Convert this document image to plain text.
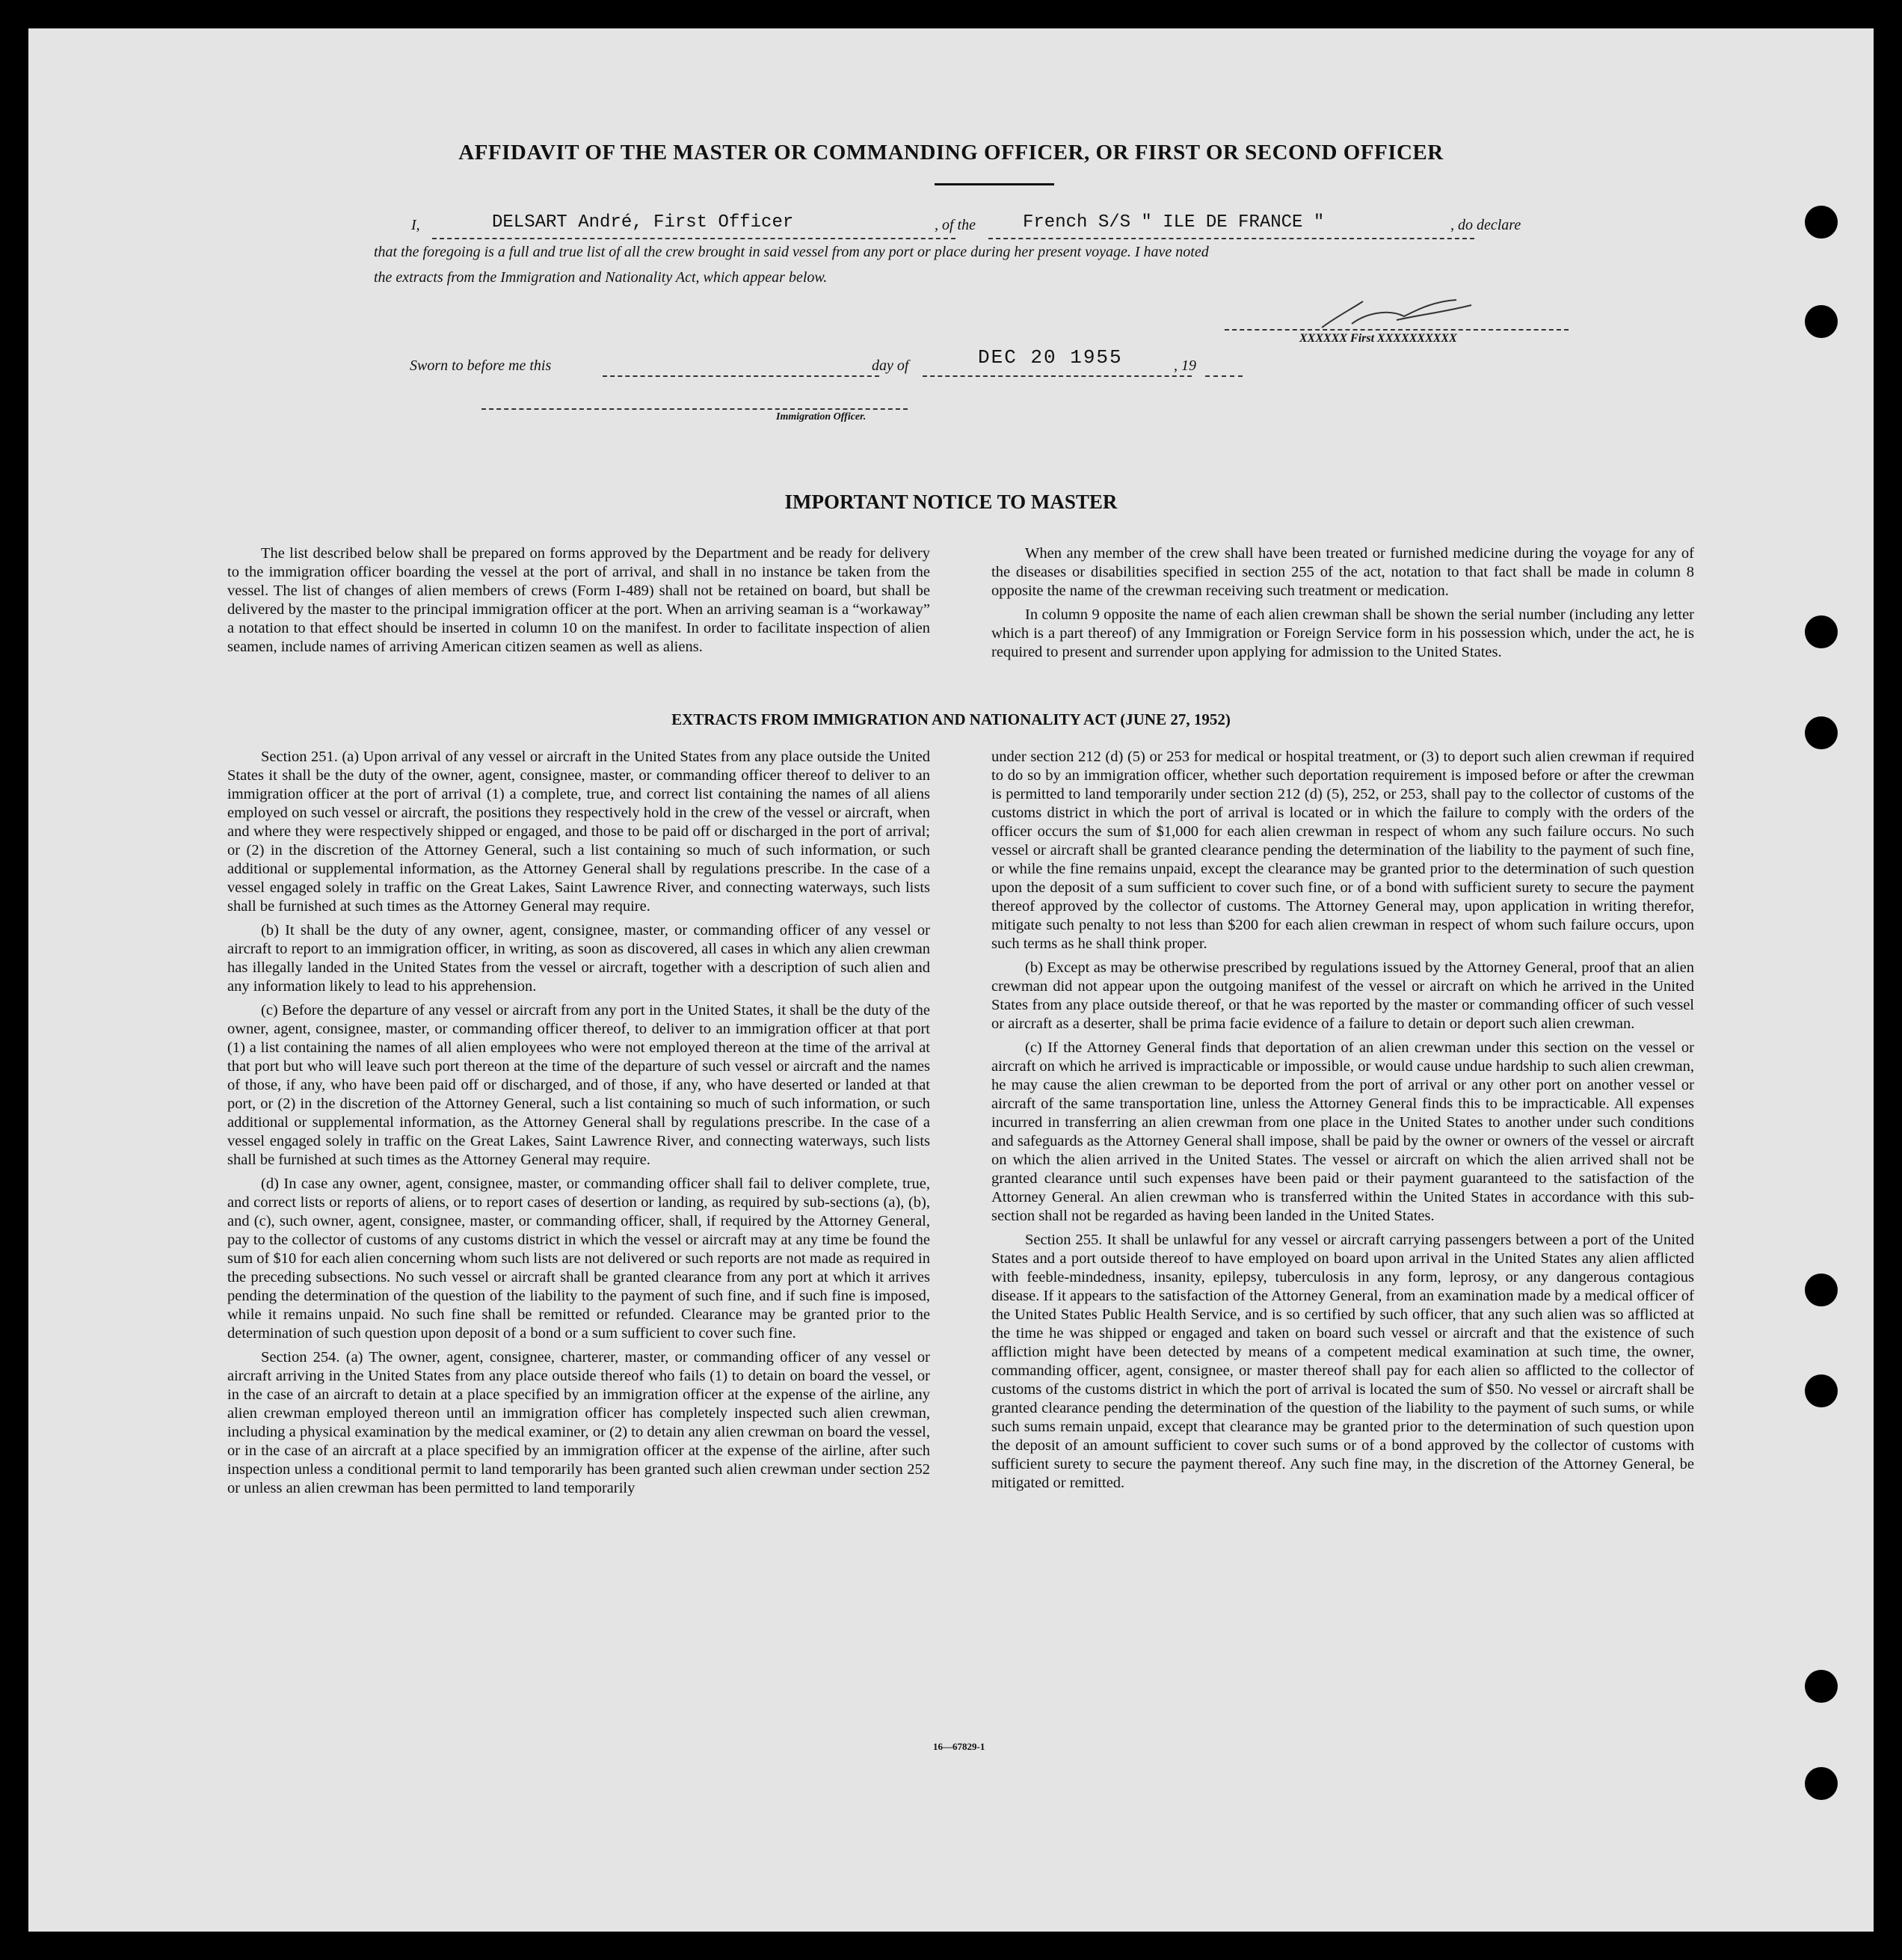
AFFIDAVIT OF THE MASTER OR COMMANDING OFFICER, OR FIRST OR SECOND OFFICER
I,	DELSART André, First Officer	, of the	French S/S " ILE DE FRANCE "	, do declare
that the foregoing is a full and true list of all the crew brought in said vessel from any port or place during her present voyage. I have noted
the extracts from the Immigration and Nationality Act, which appear below.
XXXXXX First XXXXXXXXXX
Sworn to before me this	day of	DEC 20 1955	, 19
Immigration Officer.
IMPORTANT NOTICE TO MASTER

The list described below shall be prepared on forms approved by the Department and be ready for delivery to the immigration officer boarding the vessel at the port of arrival, and shall in no instance be taken from the vessel. The list of changes of alien members of crews (Form I-489) shall not be retained on board, but shall be delivered by the master to the principal immigration officer at the port. When an arriving seaman is a “workaway” a notation to that effect should be inserted in column 10 on the manifest. In order to facilitate inspection of alien seamen, include names of arriving American citizen seamen as well as aliens.

When any member of the crew shall have been treated or furnished medicine during the voyage for any of the diseases or disabilities specified in section 255 of the act, notation to that fact shall be made in column 8 opposite the name of the crewman receiving such treatment or medication.

In column 9 opposite the name of each alien crewman shall be shown the serial number (including any letter which is a part thereof) of any Immigration or Foreign Service form in his possession which, under the act, he is required to present and surrender upon applying for admission to the United States.

EXTRACTS FROM IMMIGRATION AND NATIONALITY ACT (JUNE 27, 1952)

Section 251. (a) Upon arrival of any vessel or aircraft in the United States from any place outside the United States it shall be the duty of the owner, agent, consignee, master, or commanding officer thereof to deliver to an immigration officer at the port of arrival (1) a complete, true, and correct list containing the names of all aliens employed on such vessel or aircraft, the positions they respectively hold in the crew of the vessel or aircraft, when and where they were respectively shipped or engaged, and those to be paid off or discharged in the port of arrival; or (2) in the discretion of the Attorney General, such a list containing so much of such information, or such additional or supplemental information, as the Attorney General shall by regulations prescribe. In the case of a vessel engaged solely in traffic on the Great Lakes, Saint Lawrence River, and connecting waterways, such lists shall be furnished at such times as the Attorney General may require.

(b) It shall be the duty of any owner, agent, consignee, master, or commanding officer of any vessel or aircraft to report to an immigration officer, in writing, as soon as discovered, all cases in which any alien crewman has illegally landed in the United States from the vessel or aircraft, together with a description of such alien and any information likely to lead to his apprehension.

(c) Before the departure of any vessel or aircraft from any port in the United States, it shall be the duty of the owner, agent, consignee, master, or commanding officer thereof, to deliver to an immigration officer at that port (1) a list containing the names of all alien employees who were not employed thereon at the time of the arrival at that port but who will leave such port thereon at the time of the departure of such vessel or aircraft and the names of those, if any, who have been paid off or discharged, and of those, if any, who have deserted or landed at that port, or (2) in the discretion of the Attorney General, such a list containing so much of such information, or such additional or supplemental information, as the Attorney General shall by regulations prescribe. In the case of a vessel engaged solely in traffic on the Great Lakes, Saint Lawrence River, and connecting waterways, such lists shall be furnished at such times as the Attorney General may require.

(d) In case any owner, agent, consignee, master, or commanding officer shall fail to deliver complete, true, and correct lists or reports of aliens, or to report cases of desertion or landing, as required by sub-sections (a), (b), and (c), such owner, agent, consignee, master, or commanding officer, shall, if required by the Attorney General, pay to the collector of customs of any customs district in which the vessel or aircraft may at any time be found the sum of $10 for each alien concerning whom such lists are not delivered or such reports are not made as required in the preceding subsections. No such vessel or aircraft shall be granted clearance from any port at which it arrives pending the determination of the question of the liability to the payment of such fine, and if such fine is imposed, while it remains unpaid. No such fine shall be remitted or refunded. Clearance may be granted prior to the determination of such question upon deposit of a bond or a sum sufficient to cover such fine.

Section 254. (a) The owner, agent, consignee, charterer, master, or commanding officer of any vessel or aircraft arriving in the United States from any place outside thereof who fails (1) to detain on board the vessel, or in the case of an aircraft to detain at a place specified by an immigration officer at the expense of the airline, any alien crewman employed thereon until an immigration officer has completely inspected such alien crewman, including a physical examination by the medical examiner, or (2) to detain any alien crewman on board the vessel, or in the case of an aircraft at a place specified by an immigration officer at the expense of the airline, after such inspection unless a conditional permit to land temporarily has been granted such alien crewman under section 252 or unless an alien crewman has been permitted to land temporarily

under section 212 (d) (5) or 253 for medical or hospital treatment, or (3) to deport such alien crewman if required to do so by an immigration officer, whether such deportation requirement is imposed before or after the crewman is permitted to land temporarily under section 212 (d) (5), 252, or 253, shall pay to the collector of customs of the customs district in which the port of arrival is located or in which the failure to comply with the orders of the officer occurs the sum of $1,000 for each alien crewman in respect of whom any such failure occurs. No such vessel or aircraft shall be granted clearance pending the determination of the liability to the payment of such fine, or while the fine remains unpaid, except the clearance may be granted prior to the determination of such question upon the deposit of a sum sufficient to cover such fine, or of a bond with sufficient surety to secure the payment thereof approved by the collector of customs. The Attorney General may, upon application in writing therefor, mitigate such penalty to not less than $200 for each alien crewman in respect of whom such failure occurs, upon such terms as he shall think proper.

(b) Except as may be otherwise prescribed by regulations issued by the Attorney General, proof that an alien crewman did not appear upon the outgoing manifest of the vessel or aircraft on which he arrived in the United States from any place outside thereof, or that he was reported by the master or commanding officer of such vessel or aircraft as a deserter, shall be prima facie evidence of a failure to detain or deport such alien crewman.

(c) If the Attorney General finds that deportation of an alien crewman under this section on the vessel or aircraft on which he arrived is impracticable or impossible, or would cause undue hardship to such alien crewman, he may cause the alien crewman to be deported from the port of arrival or any other port on another vessel or aircraft of the same transportation line, unless the Attorney General finds this to be impracticable. All expenses incurred in transferring an alien crewman from one place in the United States to another under such conditions and safeguards as the Attorney General shall impose, shall be paid by the owner or owners of the vessel or aircraft on which the alien arrived in the United States. The vessel or aircraft on which the alien arrived shall not be granted clearance until such expenses have been paid or their payment guaranteed to the satisfaction of the Attorney General. An alien crewman who is transferred within the United States in accordance with this sub-section shall not be regarded as having been landed in the United States.

Section 255. It shall be unlawful for any vessel or aircraft carrying passengers between a port of the United States and a port outside thereof to have employed on board upon arrival in the United States any alien afflicted with feeble-mindedness, insanity, epilepsy, tuberculosis in any form, leprosy, or any dangerous contagious disease. If it appears to the satisfaction of the Attorney General, from an examination made by a medical officer of the United States Public Health Service, and is so certified by such officer, that any such alien was so afflicted at the time he was shipped or engaged and taken on board such vessel or aircraft and that the existence of such affliction might have been detected by means of a competent medical examination at such time, the owner, commanding officer, agent, consignee, or master thereof shall pay for each alien so afflicted to the collector of customs of the customs district in which the port of arrival is located the sum of $50. No vessel or aircraft shall be granted clearance pending the determination of the question of the liability to the payment of such sums, or while such sums remain unpaid, except that clearance may be granted prior to the determination of such question upon the deposit of an amount sufficient to cover such sums or of a bond approved by the collector of customs with sufficient surety to secure the payment thereof. Any such fine may, in the discretion of the Attorney General, be mitigated or remitted.

16—67829-1
